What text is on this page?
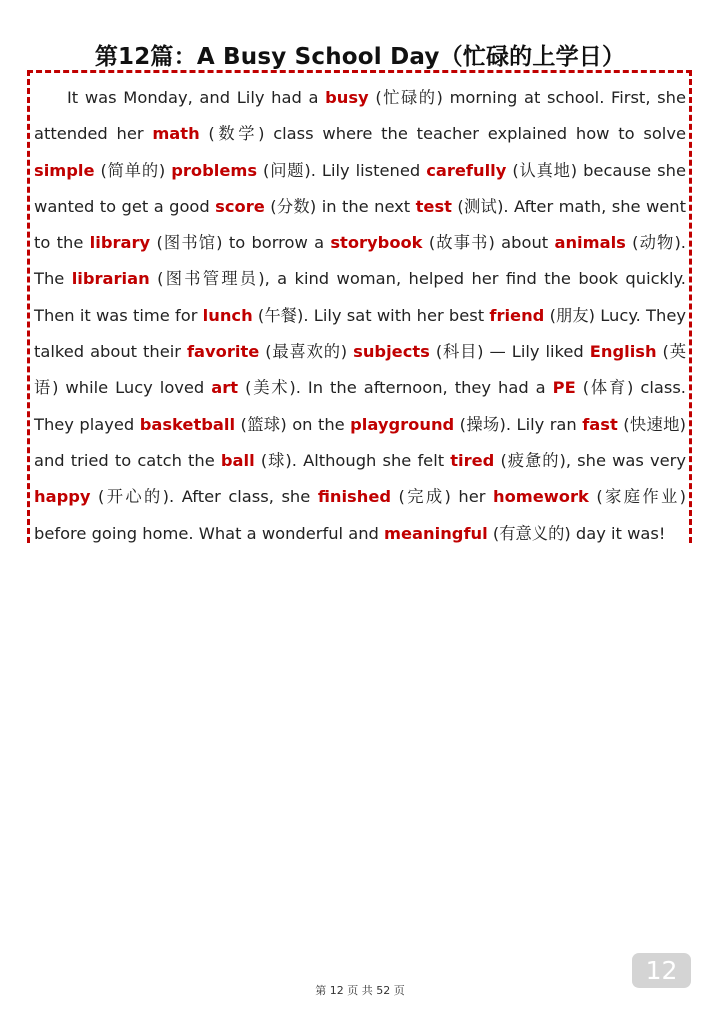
第12篇：A Busy School Day（忙碌的上学日）

It was Monday, and Lily had a busy (忙碌的) morning at school. First, she attended her math (数学) class where the teacher explained how to solve simple (简单的) problems (问题). Lily listened carefully (认真地) because she wanted to get a good score (分数) in the next test (测试). After math, she went to the library (图书馆) to borrow a storybook (故事书) about animals (动物). The librarian (图书管理员), a kind woman, helped her find the book quickly. Then it was time for lunch (午餐). Lily sat with her best friend (朋友) Lucy. They talked about their favorite (最喜欢的) subjects (科目) — Lily liked English (英语) while Lucy loved art (美术). In the afternoon, they had a PE (体育) class. They played basketball (篮球) on the playground (操场). Lily ran fast (快速地) and tried to catch the ball (球). Although she felt tired (疲惫的), she was very happy (开心的). After class, she finished (完成) her homework (家庭作业) before going home. What a wonderful and meaningful (有意义的) day it was!

第 12 页 共 52 页
12
